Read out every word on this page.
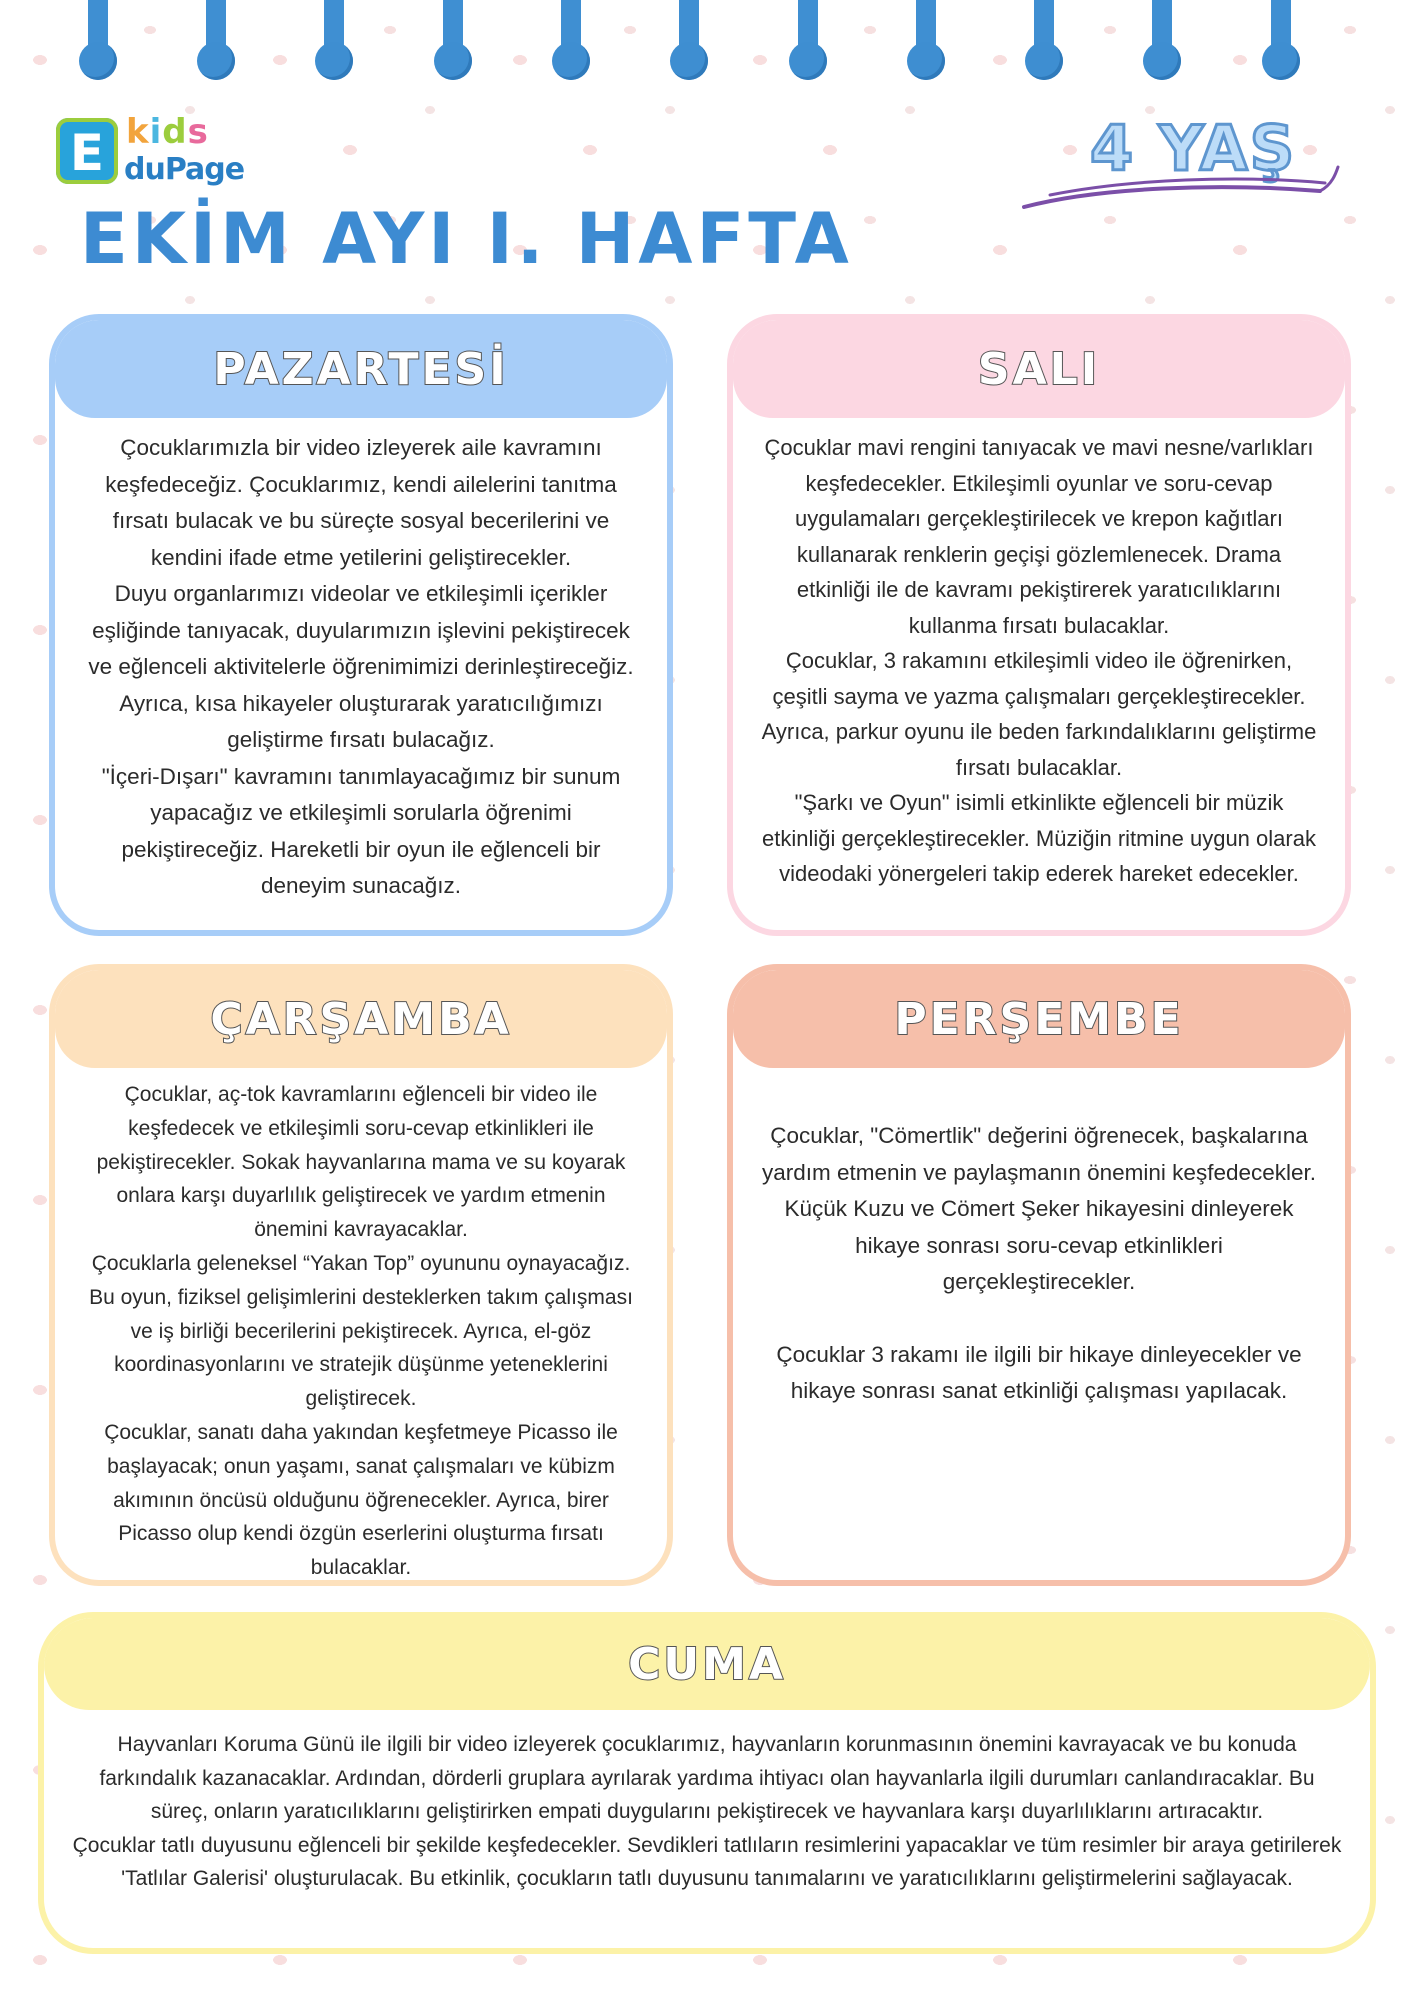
E kids
duPage
EKİM AYI I. HAFTA
4 YAŞ
PAZARTESİ

Çocuklarımızla bir video izleyerek aile kavramını keşfedeceğiz. Çocuklarımız, kendi ailelerini tanıtma fırsatı bulacak ve bu süreçte sosyal becerilerini ve kendini ifade etme yetilerini geliştirecekler.

Duyu organlarımızı videolar ve etkileşimli içerikler eşliğinde tanıyacak, duyularımızın işlevini pekiştirecek ve eğlenceli aktivitelerle öğrenimimizi derinleştireceğiz. Ayrıca, kısa hikayeler oluşturarak yaratıcılığımızı geliştirme fırsatı bulacağız.

"İçeri-Dışarı" kavramını tanımlayacağımız bir sunum yapacağız ve etkileşimli sorularla öğrenimi pekiştireceğiz. Hareketli bir oyun ile eğlenceli bir deneyim sunacağız.

SALI

Çocuklar mavi rengini tanıyacak ve mavi nesne/varlıkları keşfedecekler. Etkileşimli oyunlar ve soru-cevap uygulamaları gerçekleştirilecek ve krepon kağıtları kullanarak renklerin geçişi gözlemlenecek. Drama etkinliği ile de kavramı pekiştirerek yaratıcılıklarını kullanma fırsatı bulacaklar.

Çocuklar, 3 rakamını etkileşimli video ile öğrenirken, çeşitli sayma ve yazma çalışmaları gerçekleştirecekler. Ayrıca, parkur oyunu ile beden farkındalıklarını geliştirme fırsatı bulacaklar.

"Şarkı ve Oyun" isimli etkinlikte eğlenceli bir müzik etkinliği gerçekleştirecekler. Müziğin ritmine uygun olarak videodaki yönergeleri takip ederek hareket edecekler.

ÇARŞAMBA

Çocuklar, aç-tok kavramlarını eğlenceli bir video ile keşfedecek ve etkileşimli soru-cevap etkinlikleri ile pekiştirecekler. Sokak hayvanlarına mama ve su koyarak onlara karşı duyarlılık geliştirecek ve yardım etmenin önemini kavrayacaklar.

Çocuklarla geleneksel “Yakan Top” oyununu oynayacağız. Bu oyun, fiziksel gelişimlerini desteklerken takım çalışması ve iş birliği becerilerini pekiştirecek. Ayrıca, el-göz koordinasyonlarını ve stratejik düşünme yeteneklerini geliştirecek.

Çocuklar, sanatı daha yakından keşfetmeye Picasso ile başlayacak; onun yaşamı, sanat çalışmaları ve kübizm akımının öncüsü olduğunu öğrenecekler. Ayrıca, birer Picasso olup kendi özgün eserlerini oluşturma fırsatı bulacaklar.

PERŞEMBE

Çocuklar, "Cömertlik" değerini öğrenecek, başkalarına yardım etmenin ve paylaşmanın önemini keşfedecekler. Küçük Kuzu ve Cömert Şeker hikayesini dinleyerek hikaye sonrası soru-cevap etkinlikleri gerçekleştirecekler.

Çocuklar 3 rakamı ile ilgili bir hikaye dinleyecekler ve hikaye sonrası sanat etkinliği çalışması yapılacak.

CUMA

Hayvanları Koruma Günü ile ilgili bir video izleyerek çocuklarımız, hayvanların korunmasının önemini kavrayacak ve bu konuda farkındalık kazanacaklar. Ardından, dörderli gruplara ayrılarak yardıma ihtiyacı olan hayvanlarla ilgili durumları canlandıracaklar. Bu süreç, onların yaratıcılıklarını geliştirirken empati duygularını pekiştirecek ve hayvanlara karşı duyarlılıklarını artıracaktır.

Çocuklar tatlı duyusunu eğlenceli bir şekilde keşfedecekler. Sevdikleri tatlıların resimlerini yapacaklar ve tüm resimler bir araya getirilerek 'Tatlılar Galerisi' oluşturulacak. Bu etkinlik, çocukların tatlı duyusunu tanımalarını ve yaratıcılıklarını geliştirmelerini sağlayacak.
